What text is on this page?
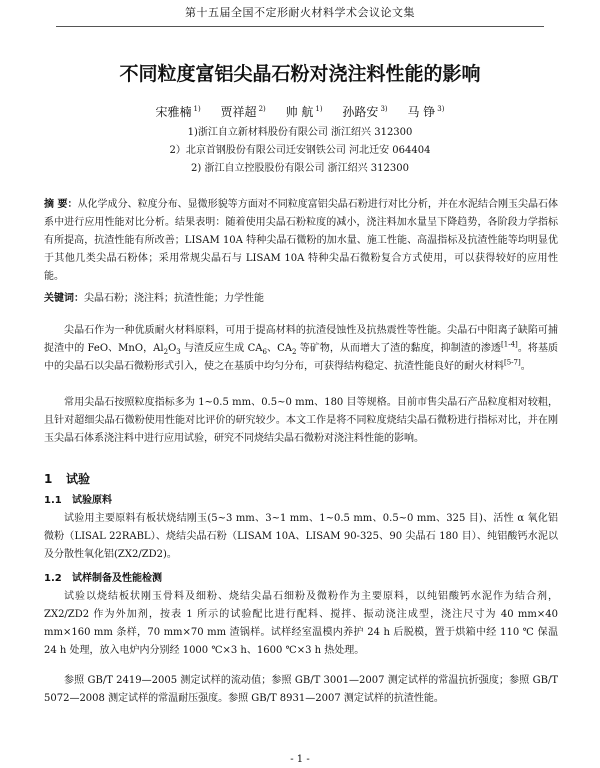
第十五届全国不定形耐火材料学术会议论文集
不同粒度富铝尖晶石粉对浇注料性能的影响
宋雅楠 $^{1)}$ 贾祥超 $^{2)}$ 帅 航 $^{1)}$ 孙路安 $^{3)}$ 马 铮 $^{3)}$
1)浙江自立新材料股份有限公司 浙江绍兴 312300
2）北京首钢股份有限公司迁安钢铁公司 河北迁安 064404
2) 浙江自立控股股份有限公司 浙江绍兴 312300
摘 要：从化学成分、粒度分布、显微形貌等方面对不同粒度富铝尖晶石粉进行对比分析，并在水泥结合刚玉尖晶石体系中进行应用性能对比分析。结果表明：随着使用尖晶石粉粒度的减小，浇注料加水量呈下降趋势，各阶段力学指标有所提高，抗渣性能有所改善；LISAM 10A 特种尖晶石微粉的加水量、施工性能、高温指标及抗渣性能等均明显优于其他几类尖晶石粉体；采用常规尖晶石与 LISAM 10A 特种尖晶石微粉复合方式使用，可以获得较好的应用性能。
关键词：尖晶石粉；浇注料；抗渣性能；力学性能
尖晶石作为一种优质耐火材料原料，可用于提高材料的抗渣侵蚀性及抗热震性等性能。尖晶石中阳离子缺陷可捕捉渣中的 FeO、MnO，$Al_2O_3$ 与渣反应生成 $CA_6$、$CA_2$ 等矿物，从而增大了渣的黏度，抑制渣的渗透[1-4]。将基质中的尖晶石以尖晶石微粉形式引入，使之在基质中均匀分布，可获得结构稳定、抗渣性能良好的耐火材料[5-7]。
常用尖晶石按照粒度指标多为 1~0.5 mm、0.5~0 mm、180 目等规格。目前市售尖晶石产品粒度相对较粗，且针对超细尖晶石微粉使用性能对比评价的研究较少。本文工作是将不同粒度烧结尖晶石微粉进行指标对比，并在刚玉尖晶石体系浇注料中进行应用试验，研究不同烧结尖晶石微粉对浇注料性能的影响。
1 试验
1.1 试验原料
试验用主要原料有板状烧结刚玉(5~3 mm、3~1 mm、1~0.5 mm、0.5~0 mm、325 目)、活性 α 氧化铝微粉（LISAL 22RABL）、烧结尖晶石粉（LISAM 10A、LISAM 90-325、90 尖晶石 180 目）、纯铝酸钙水泥以及分散性氧化铝(ZX2/ZD2)。
1.2 试样制备及性能检测
试验以烧结板状刚玉骨料及细粉、烧结尖晶石细粉及微粉作为主要原料，以纯铝酸钙水泥作为结合剂，ZX2/ZD2 作为外加剂，按表 1 所示的试验配比进行配料、搅拌、振动浇注成型，浇注尺寸为 40 mm×40 mm×160 mm 条样，70 mm×70 mm 渣锅样。试样经室温模内养护 24 h 后脱模，置于烘箱中经 110 ℃ 保温 24 h 处理，放入电炉内分别经 1000 ℃×3 h、1600 ℃×3 h 热处理。
参照 GB/T 2419—2005 测定试样的流动值；参照 GB/T 3001—2007 测定试样的常温抗折强度；参照 GB/T 5072—2008 测定试样的常温耐压强度。参照 GB/T 8931—2007 测定试样的抗渣性能。
- 1 -
